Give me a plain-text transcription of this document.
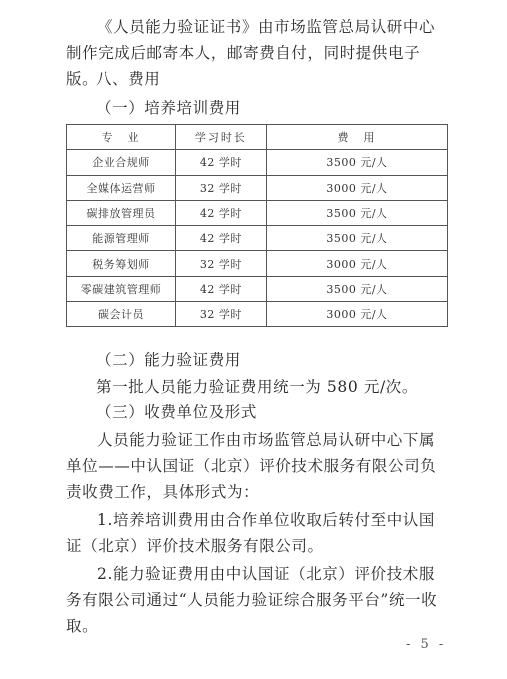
《人员能力验证证书》由市场监管总局认研中心制作完成后邮寄本人，邮寄费自付，同时提供电子版。

八、费用

（一）培养培训费用

专　业	学习时长	费　用
企业合规师	42 学时	3500 元/人
全媒体运营师	32 学时	3000 元/人
碳排放管理员	42 学时	3500 元/人
能源管理师	42 学时	3500 元/人
税务筹划师	32 学时	3000 元/人
零碳建筑管理师	42 学时	3500 元/人
碳会计员	32 学时	3000 元/人

（二）能力验证费用

第一批人员能力验证费用统一为 580 元/次。

（三）收费单位及形式

人员能力验证工作由市场监管总局认研中心下属单位——中认国证（北京）评价技术服务有限公司负责收费工作，具体形式为：

1.培养培训费用由合作单位收取后转付至中认国证（北京）评价技术服务有限公司。

2.能力验证费用由中认国证（北京）评价技术服务有限公司通过“人员能力验证综合服务平台”统一收取。

- 5 -
